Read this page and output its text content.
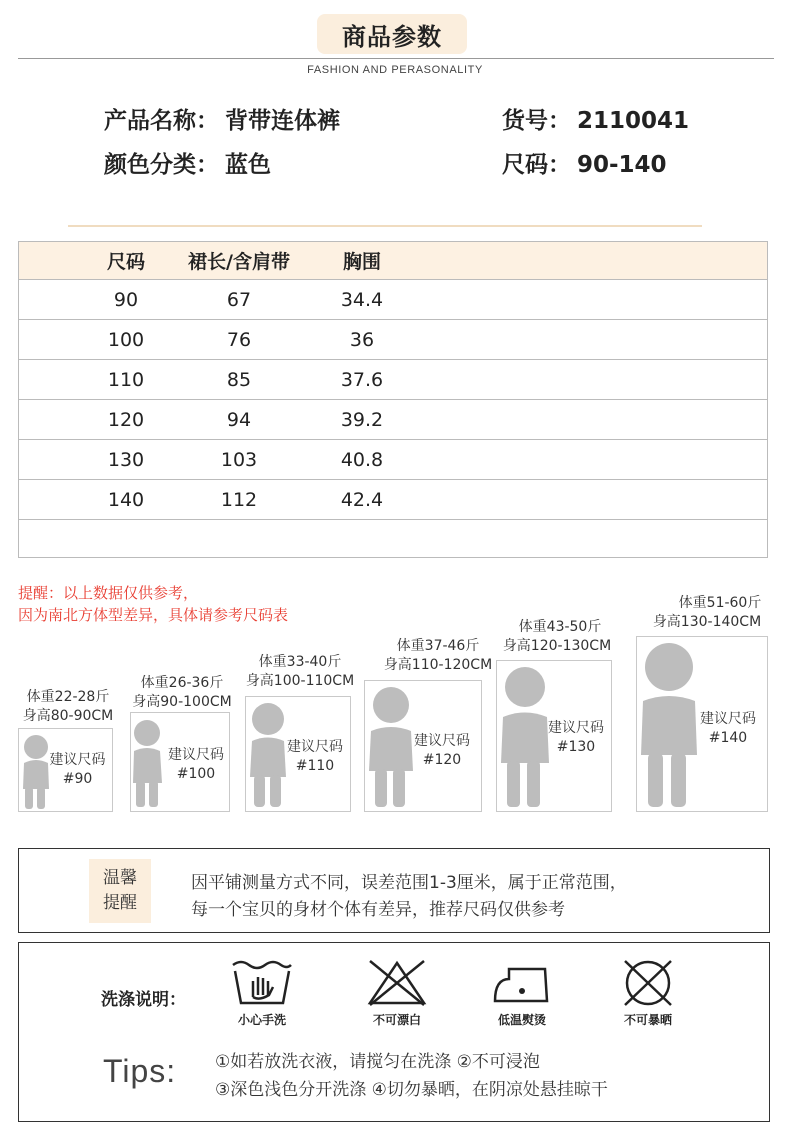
商品参数
FASHION AND PERASONALITY
产品名称： 背带连体裤
颜色分类： 蓝色
货号： 2110041
尺码： 90-140
尺码	裙长/含肩带	胸围
90	67	34.4
100	76	36
110	85	37.6
120	94	39.2
130	103	40.8
140	112	42.4
提醒：以上数据仅供参考，
因为南北方体型差异，具体请参考尺码表
体重22-28斤
身高80-90CM
建议尺码
#90
体重26-36斤
身高90-100CM
建议尺码
#100
体重33-40斤
身高100-110CM
建议尺码
#110
体重37-46斤
身高110-120CM
建议尺码
#120
体重43-50斤
身高120-130CM
建议尺码
#130
体重51-60斤
身高130-140CM
建议尺码
#140
温馨
提醒
因平铺测量方式不同，误差范围1-3厘米，属于正常范围，
每一个宝贝的身材个体有差异，推荐尺码仅供参考
洗涤说明：
小心手洗	不可漂白	低温熨烫	不可暴晒
Tips: ①如若放洗衣液，请搅匀在洗涤 ②不可浸泡
③深色浅色分开洗涤 ④切勿暴晒，在阴凉处悬挂晾干
